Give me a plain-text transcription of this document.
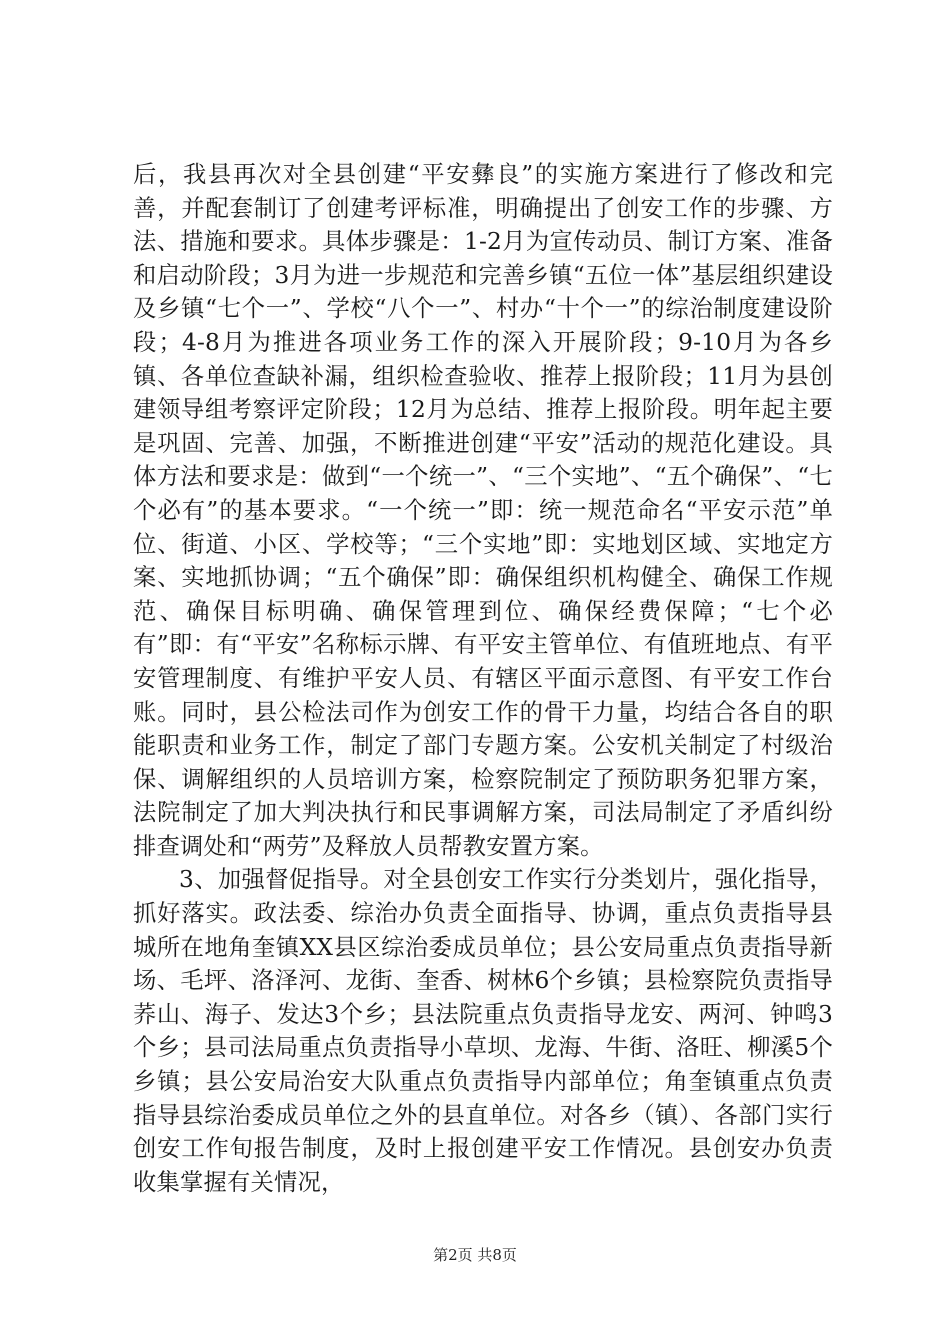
后，我县再次对全县创建“平安彝良”的实施方案进行了修改和完善，并配套制订了创建考评标准，明确提出了创安工作的步骤、方法、措施和要求。具体步骤是：1-2月为宣传动员、制订方案、准备和启动阶段；3月为进一步规范和完善乡镇“五位一体”基层组织建设及乡镇“七个一”、学校“八个一”、村办“十个一”的综治制度建设阶段；4-8月为推进各项业务工作的深入开展阶段；9-10月为各乡镇、各单位查缺补漏，组织检查验收、推荐上报阶段；11月为县创建领导组考察评定阶段；12月为总结、推荐上报阶段。明年起主要是巩固、完善、加强，不断推进创建“平安”活动的规范化建设。具体方法和要求是：做到“一个统一”、“三个实地”、“五个确保”、“七个必有”的基本要求。“一个统一”即：统一规范命名“平安示范”单位、街道、小区、学校等；“三个实地”即：实地划区域、实地定方案、实地抓协调；“五个确保”即：确保组织机构健全、确保工作规范、确保目标明确、确保管理到位、确保经费保障；“七个必有”即：有“平安”名称标示牌、有平安主管单位、有值班地点、有平安管理制度、有维护平安人员、有辖区平面示意图、有平安工作台账。同时，县公检法司作为创安工作的骨干力量，均结合各自的职能职责和业务工作，制定了部门专题方案。公安机关制定了村级治保、调解组织的人员培训方案，检察院制定了预防职务犯罪方案，法院制定了加大判决执行和民事调解方案，司法局制定了矛盾纠纷排查调处和“两劳”及释放人员帮教安置方案。

3、加强督促指导。对全县创安工作实行分类划片，强化指导，抓好落实。政法委、综治办负责全面指导、协调，重点负责指导县城所在地角奎镇XX县区综治委成员单位；县公安局重点负责指导新场、毛坪、洛泽河、龙街、奎香、树林6个乡镇；县检察院负责指导荞山、海子、发达3个乡；县法院重点负责指导龙安、两河、钟鸣3个乡；县司法局重点负责指导小草坝、龙海、牛街、洛旺、柳溪5个乡镇；县公安局治安大队重点负责指导内部单位；角奎镇重点负责指导县综治委成员单位之外的县直单位。对各乡（镇）、各部门实行创安工作旬报告制度，及时上报创建平安工作情况。县创安办负责收集掌握有关情况，

第2页 共8页
